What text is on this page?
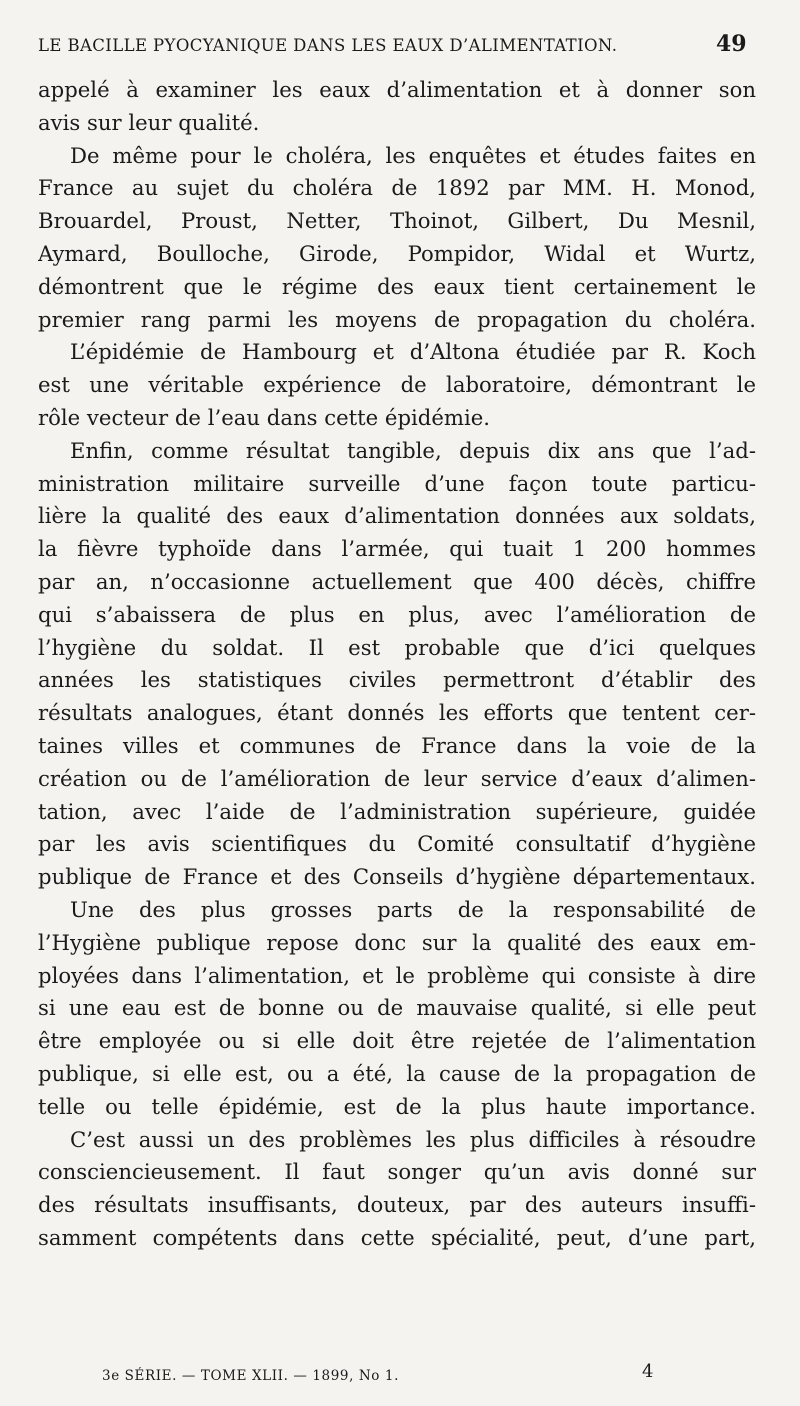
LE BACILLE PYOCYANIQUE DANS LES EAUX D’ALIMENTATION.	49
appelé à examiner les eaux d’alimentation et à donner son
avis sur leur qualité.
De même pour le choléra, les enquêtes et études faites en
France au sujet du choléra de 1892 par MM. H. Monod,
Brouardel, Proust, Netter, Thoinot, Gilbert, Du Mesnil,
Aymard, Boulloche, Girode, Pompidor, Widal et Wurtz,
démontrent que le régime des eaux tient certainement le
premier rang parmi les moyens de propagation du choléra.
L’épidémie de Hambourg et d’Altona étudiée par R. Koch
est une véritable expérience de laboratoire, démontrant le
rôle vecteur de l’eau dans cette épidémie.
Enfin, comme résultat tangible, depuis dix ans que l’ad-
ministration militaire surveille d’une façon toute particu-
lière la qualité des eaux d’alimentation données aux soldats,
la fièvre typhoïde dans l’armée, qui tuait 1 200 hommes
par an, n’occasionne actuellement que 400 décès, chiffre
qui s’abaissera de plus en plus, avec l’amélioration de
l’hygiène du soldat. Il est probable que d’ici quelques
années les statistiques civiles permettront d’établir des
résultats analogues, étant donnés les efforts que tentent cer-
taines villes et communes de France dans la voie de la
création ou de l’amélioration de leur service d’eaux d’alimen-
tation, avec l’aide de l’administration supérieure, guidée
par les avis scientifiques du Comité consultatif d’hygiène
publique de France et des Conseils d’hygiène départementaux.
Une des plus grosses parts de la responsabilité de
l’Hygiène publique repose donc sur la qualité des eaux em-
ployées dans l’alimentation, et le problème qui consiste à dire
si une eau est de bonne ou de mauvaise qualité, si elle peut
être employée ou si elle doit être rejetée de l’alimentation
publique, si elle est, ou a été, la cause de la propagation de
telle ou telle épidémie, est de la plus haute importance.
C’est aussi un des problèmes les plus difficiles à résoudre
consciencieusement. Il faut songer qu’un avis donné sur
des résultats insuffisants, douteux, par des auteurs insuffi-
samment compétents dans cette spécialité, peut, d’une part,
3e SÉRIE. — TOME XLII. — 1899, No 1.	4
